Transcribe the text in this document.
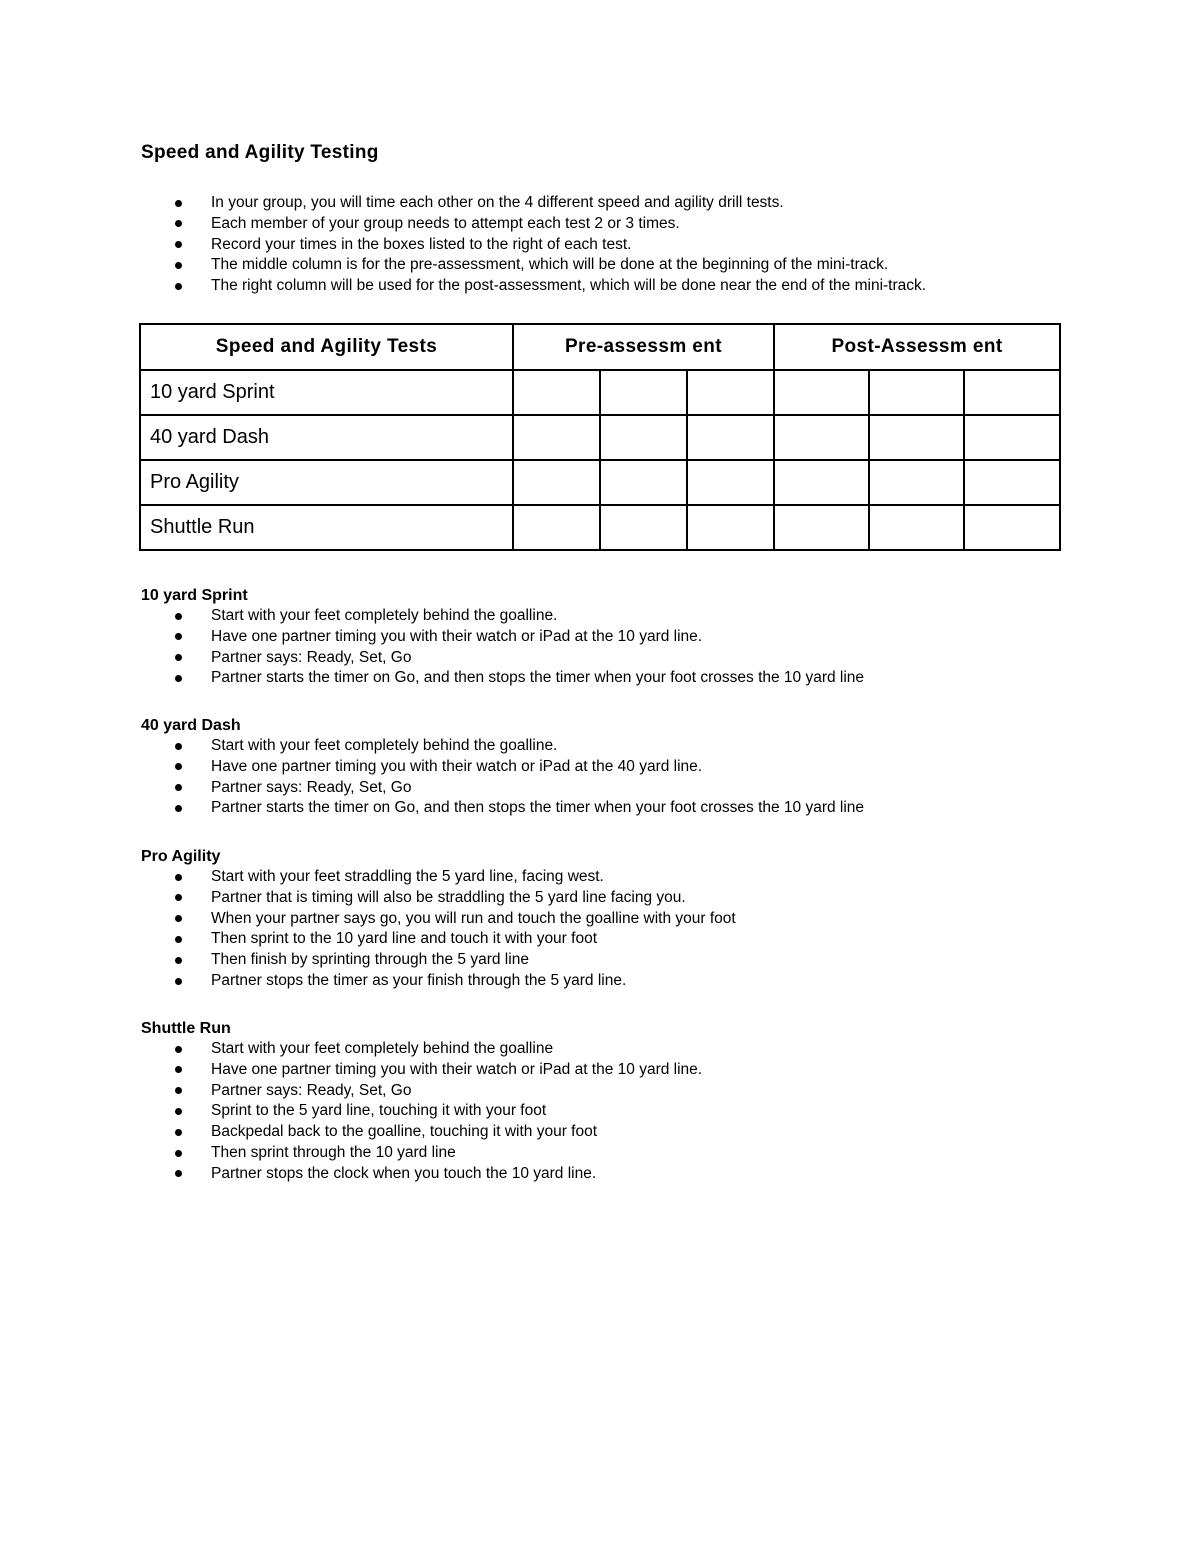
Speed and Agility Testing
In your group, you will time each other on the 4 different speed and agility drill tests.
Each member of your group needs to attempt each test 2 or 3 times.
Record your times in the boxes listed to the right of each test.
The middle column is for the pre-assessment, which will be done at the beginning of the mini-track.
The right column will be used for the post-assessment, which will be done near the end of the mini-track.
Speed and Agility Tests	Pre-assessm ent			Post-Assessm ent		
10 yard Sprint						
40 yard Dash						
Pro Agility						
Shuttle Run						
10 yard Sprint
Start with your feet completely behind the goalline.
Have one partner timing you with their watch or iPad at the 10 yard line.
Partner says: Ready, Set, Go
Partner starts the timer on Go, and then stops the timer when your foot crosses the 10 yard line
40 yard Dash
Start with your feet completely behind the goalline.
Have one partner timing you with their watch or iPad at the 40 yard line.
Partner says: Ready, Set, Go
Partner starts the timer on Go, and then stops the timer when your foot crosses the 10 yard line
Pro Agility
Start with your feet straddling the 5 yard line, facing west.
Partner that is timing will also be straddling the 5 yard line facing you.
When your partner says go, you will run and touch the goalline with your foot
Then sprint to the 10 yard line and touch it with your foot
Then finish by sprinting through the 5 yard line
Partner stops the timer as your finish through the 5 yard line.
Shuttle Run
Start with your feet completely behind the goalline
Have one partner timing you with their watch or iPad at the 10 yard line.
Partner says: Ready, Set, Go
Sprint to the 5 yard line, touching it with your foot
Backpedal back to the goalline, touching it with your foot
Then sprint through the 10 yard line
Partner stops the clock when you touch the 10 yard line.
